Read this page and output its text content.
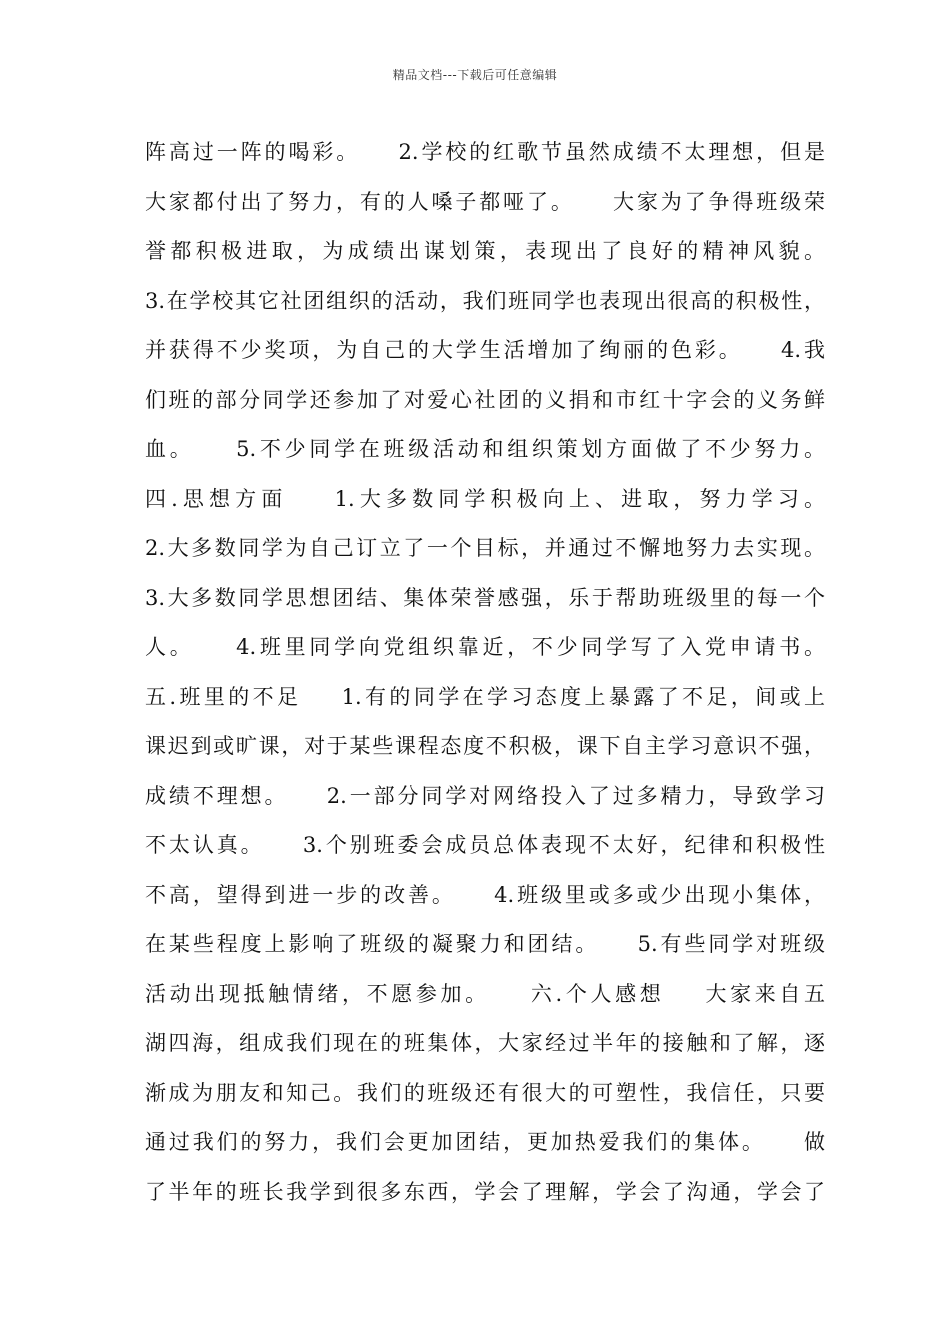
精品文档---下载后可任意编辑
阵高过一阵的喝彩。    2.学校的红歌节虽然成绩不太理想，但是
大家都付出了努力，有的人嗓子都哑了。    大家为了争得班级荣
誉都积极进取，为成绩出谋划策，表现出了良好的精神风貌。
3.在学校其它社团组织的活动，我们班同学也表现出很高的积极性，
并获得不少奖项，为自己的大学生活增加了绚丽的色彩。    4.我
们班的部分同学还参加了对爱心社团的义捐和市红十字会的义务鲜
血。    5.不少同学在班级活动和组织策划方面做了不少努力。
四.思想方面    1.大多数同学积极向上、进取，努力学习。
2.大多数同学为自己订立了一个目标，并通过不懈地努力去实现。
3.大多数同学思想团结、集体荣誉感强，乐于帮助班级里的每一个
人。    4.班里同学向党组织靠近，不少同学写了入党申请书。
五.班里的不足    1.有的同学在学习态度上暴露了不足，间或上
课迟到或旷课，对于某些课程态度不积极，课下自主学习意识不强，
成绩不理想。    2.一部分同学对网络投入了过多精力，导致学习
不太认真。    3.个别班委会成员总体表现不太好，纪律和积极性
不高，望得到进一步的改善。    4.班级里或多或少出现小集体，
在某些程度上影响了班级的凝聚力和团结。    5.有些同学对班级
活动出现抵触情绪，不愿参加。    六.个人感想    大家来自五
湖四海，组成我们现在的班集体，大家经过半年的接触和了解，逐
渐成为朋友和知己。我们的班级还有很大的可塑性，我信任，只要
通过我们的努力，我们会更加团结，更加热爱我们的集体。    做
了半年的班长我学到很多东西，学会了理解，学会了沟通，学会了
